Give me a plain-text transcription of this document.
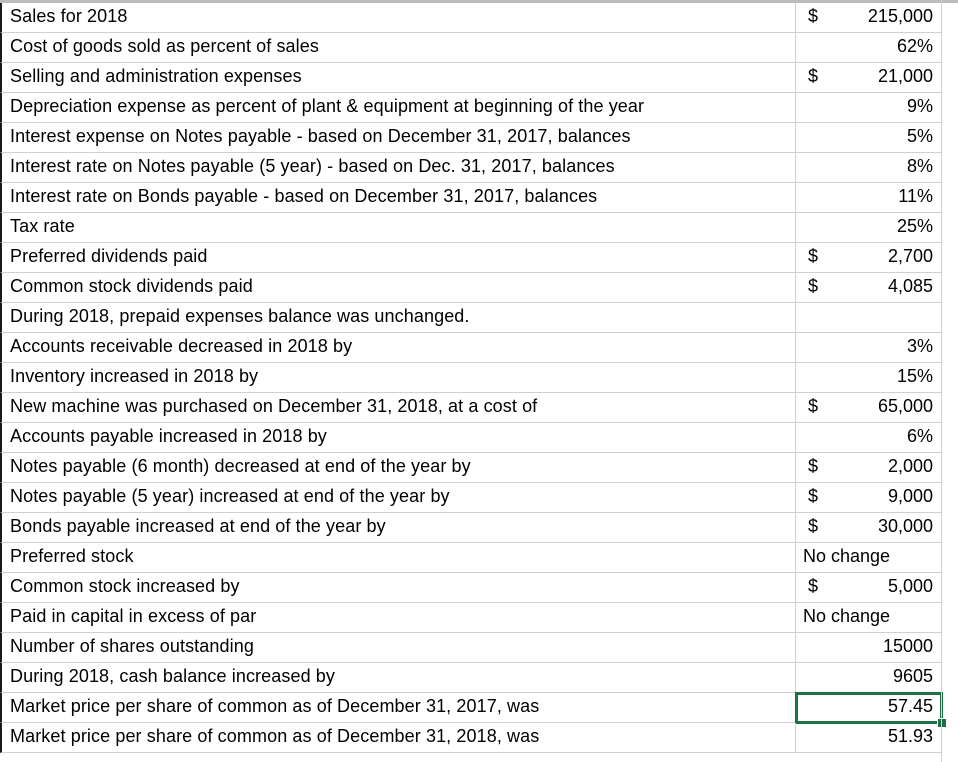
Sales for 2018	$	215,000
Cost of goods sold as percent of sales	62%
Selling and administration expenses	$	21,000
Depreciation expense as percent of plant & equipment at beginning of the year	9%
Interest expense on Notes payable - based on December 31, 2017, balances	5%
Interest rate on Notes payable (5 year) - based on Dec. 31, 2017, balances	8%
Interest rate on Bonds payable - based on December 31, 2017, balances	11%
Tax rate	25%
Preferred dividends paid	$	2,700
Common stock dividends paid	$	4,085
During 2018, prepaid expenses balance was unchanged.
Accounts receivable decreased in 2018 by	3%
Inventory increased in 2018 by	15%
New machine was purchased on December 31, 2018, at a cost of	$	65,000
Accounts payable increased in 2018 by	6%
Notes payable (6 month) decreased at end of the year by	$	2,000
Notes payable (5 year) increased at end of the year by	$	9,000
Bonds payable increased at end of the year by	$	30,000
Preferred stock	No change
Common stock increased by	$	5,000
Paid in capital in excess of par	No change
Number of shares outstanding	15000
During 2018, cash balance increased by	9605
Market price per share of common as of December 31, 2017, was	57.45
Market price per share of common as of December 31, 2018, was	51.93
